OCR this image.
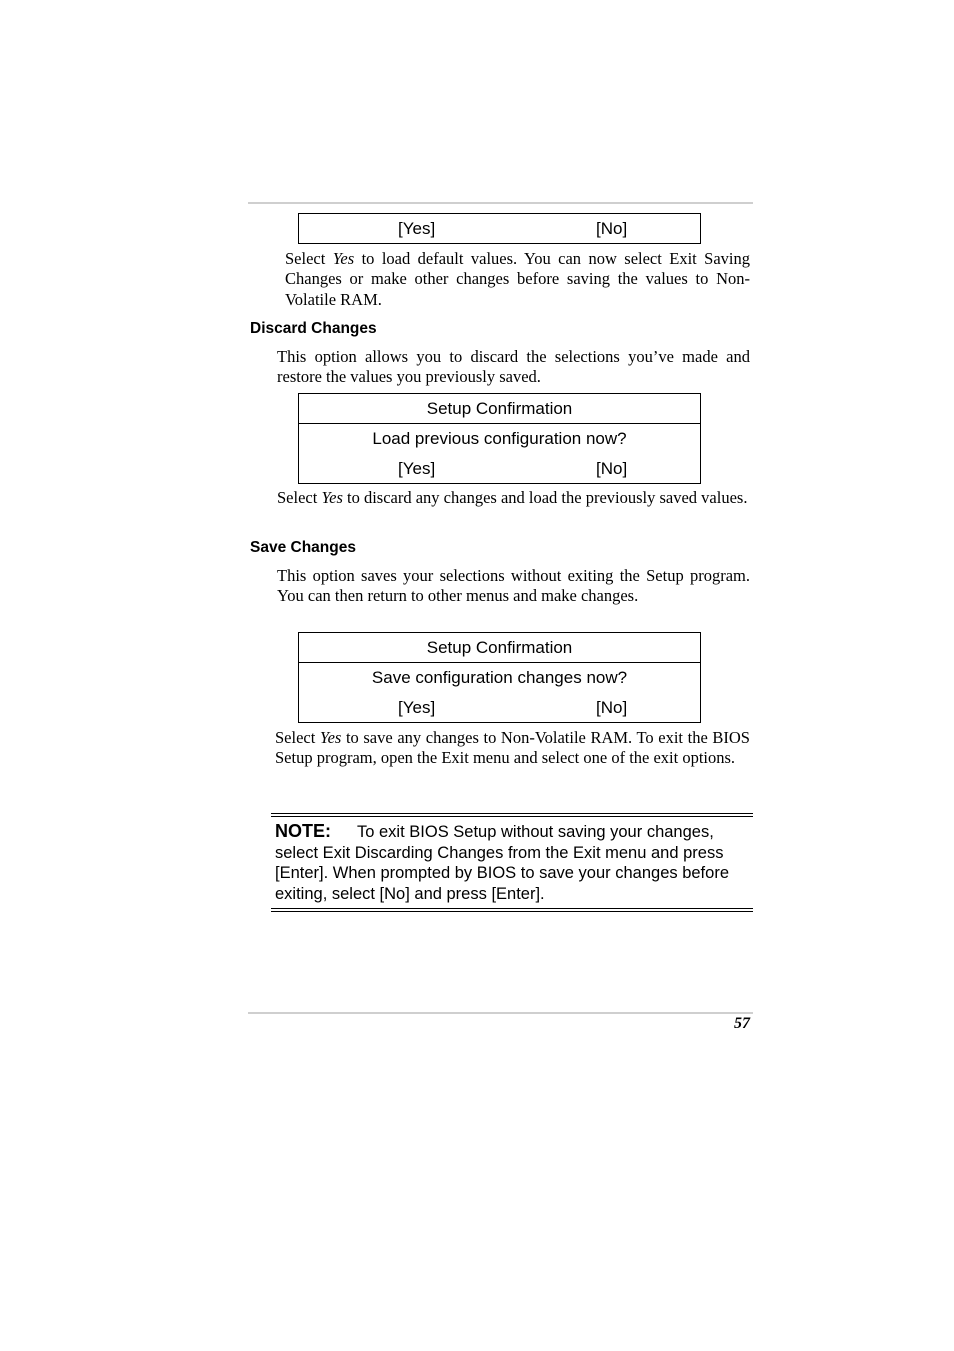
[Yes]	[No]

Select Yes to load default values. You can now select Exit Saving Changes or make other changes before saving the values to Non-Volatile RAM.

Discard Changes

This option allows you to discard the selections you’ve made and restore the values you previously saved.

Setup Confirmation
Load previous configuration now?
[Yes]	[No]

Select Yes to discard any changes and load the previously saved values.

Save Changes

This option saves your selections without exiting the Setup program. You can then return to other menus and make changes.

Setup Confirmation
Save configuration changes now?
[Yes]	[No]

Select Yes to save any changes to Non-Volatile RAM. To exit the BIOS Setup program, open the Exit menu and select one of the exit options.

NOTE: To exit BIOS Setup without saving your changes, select Exit Discarding Changes from the Exit menu and press [Enter]. When prompted by BIOS to save your changes before exiting, select [No] and press [Enter].

57
